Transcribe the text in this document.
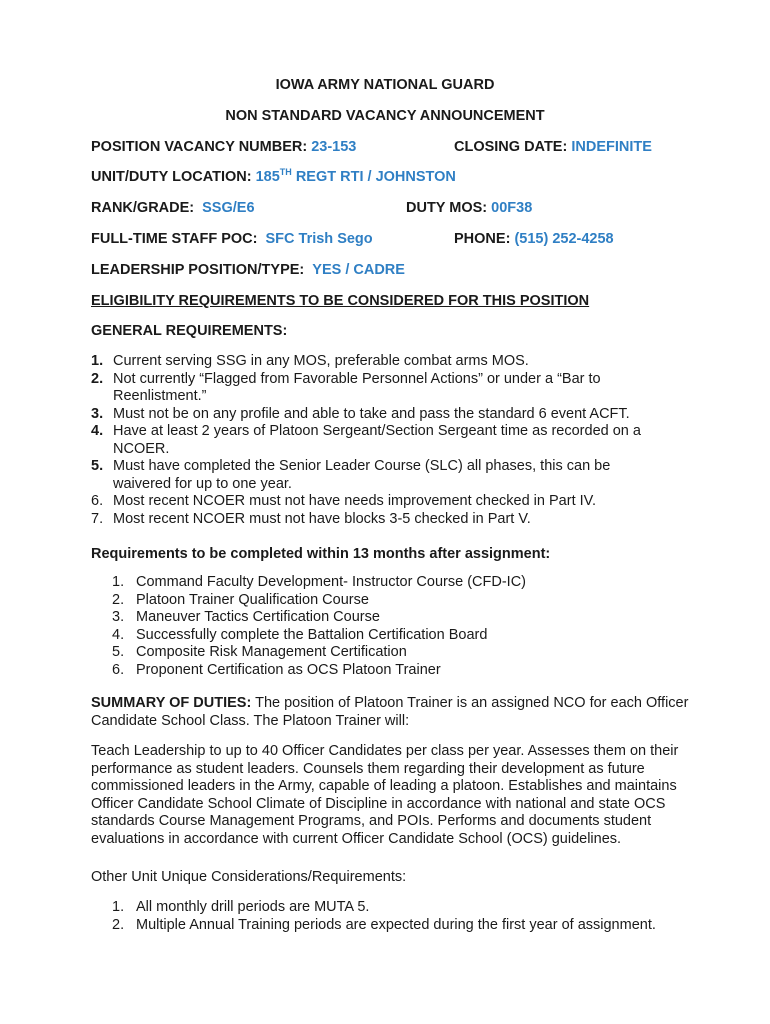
IOWA ARMY NATIONAL GUARD
NON STANDARD VACANCY ANNOUNCEMENT
POSITION VACANCY NUMBER: 23-153	CLOSING DATE: INDEFINITE
UNIT/DUTY LOCATION: 185TH REGT RTI / JOHNSTON
RANK/GRADE: SSG/E6	DUTY MOS: 00F38
FULL-TIME STAFF POC: SFC Trish Sego	PHONE: (515) 252-4258
LEADERSHIP POSITION/TYPE: YES / CADRE
ELIGIBILITY REQUIREMENTS TO BE CONSIDERED FOR THIS POSITION
GENERAL REQUIREMENTS:
1. Current serving SSG in any MOS, preferable combat arms MOS.
2. Not currently “Flagged from Favorable Personnel Actions” or under a “Bar to Reenlistment.”
3. Must not be on any profile and able to take and pass the standard 6 event ACFT.
4. Have at least 2 years of Platoon Sergeant/Section Sergeant time as recorded on a NCOER.
5. Must have completed the Senior Leader Course (SLC) all phases, this can be waivered for up to one year.
6. Most recent NCOER must not have needs improvement checked in Part IV.
7. Most recent NCOER must not have blocks 3-5 checked in Part V.
Requirements to be completed within 13 months after assignment:
1. Command Faculty Development- Instructor Course (CFD-IC)
2. Platoon Trainer Qualification Course
3. Maneuver Tactics Certification Course
4. Successfully complete the Battalion Certification Board
5. Composite Risk Management Certification
6. Proponent Certification as OCS Platoon Trainer
SUMMARY OF DUTIES: The position of Platoon Trainer is an assigned NCO for each Officer Candidate School Class. The Platoon Trainer will:
Teach Leadership to up to 40 Officer Candidates per class per year. Assesses them on their performance as student leaders. Counsels them regarding their development as future commissioned leaders in the Army, capable of leading a platoon. Establishes and maintains Officer Candidate School Climate of Discipline in accordance with national and state OCS standards Course Management Programs, and POIs. Performs and documents student evaluations in accordance with current Officer Candidate School (OCS) guidelines.
Other Unit Unique Considerations/Requirements:
1. All monthly drill periods are MUTA 5.
2. Multiple Annual Training periods are expected during the first year of assignment.
